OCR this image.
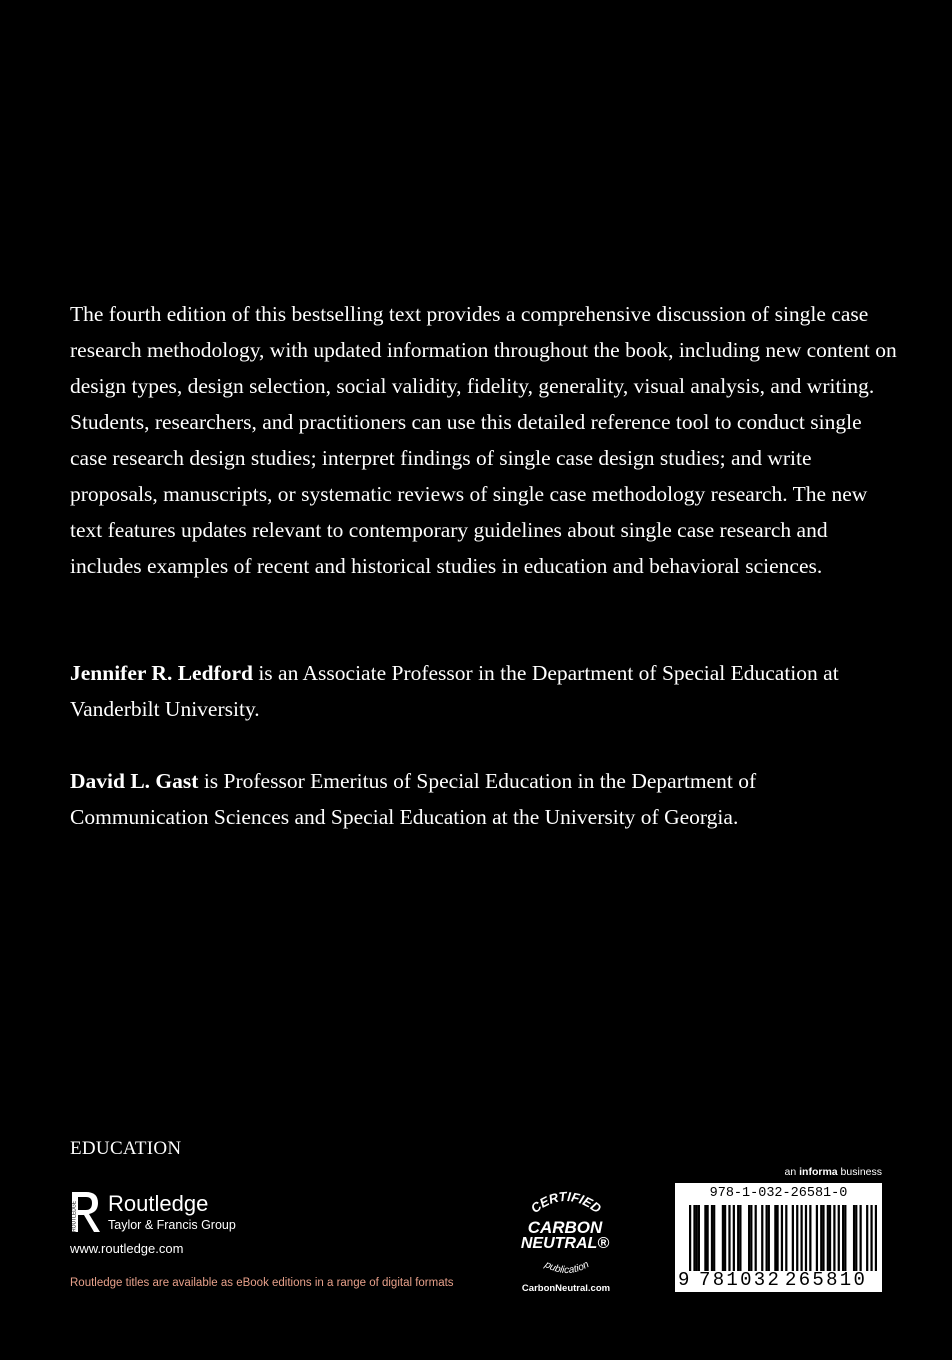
The fourth edition of this bestselling text provides a comprehensive discussion of single case research methodology, with updated information throughout the book, including new content on design types, design selection, social validity, fidelity, generality, visual analysis, and writing. Students, researchers, and practitioners can use this detailed reference tool to conduct single case research design studies; interpret findings of single case design studies; and write proposals, manuscripts, or systematic reviews of single case methodology research. The new text features updates relevant to contemporary guidelines about single case research and includes examples of recent and historical studies in education and behavioral sciences.

Jennifer R. Ledford is an Associate Professor in the Department of Special Education at Vanderbilt University.

David L. Gast is Professor Emeritus of Special Education in the Department of Communication Sciences and Special Education at the University of Georgia.

EDUCATION

ROUTLEDGE Routledge
Taylor & Francis Group
www.routledge.com
Routledge titles are available as eBook editions in a range of digital formats
CERTIFIED
CARBON
NEUTRAL®
publication
CarbonNeutral.com
an informa business
978-1-032-26581-0
9 781032 265810
